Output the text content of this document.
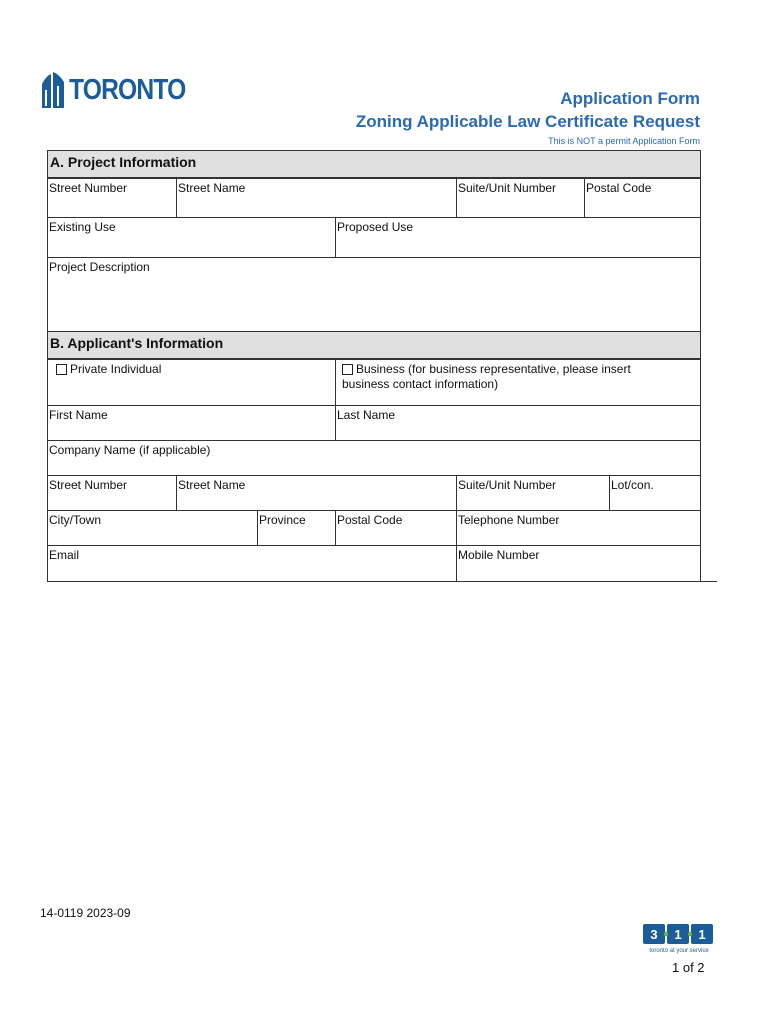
TORONTO	Application Form
Zoning Applicable Law Certificate Request
This is NOT a permit Application Form
A. Project Information
Street Number	Street Name	Suite/Unit Number	Postal Code
Existing Use	Proposed Use
Project Description
B. Applicant's Information
Private Individual	Business (for business representative, please insert
business contact information)
First Name	Last Name
Company Name (if applicable)
Street Number	Street Name	Suite/Unit Number	Lot/con.
City/Town	Province	Postal Code	Telephone Number
Email	Mobile Number
14-0119 2023-09
3 1 1
toronto at your service
1 of 2
